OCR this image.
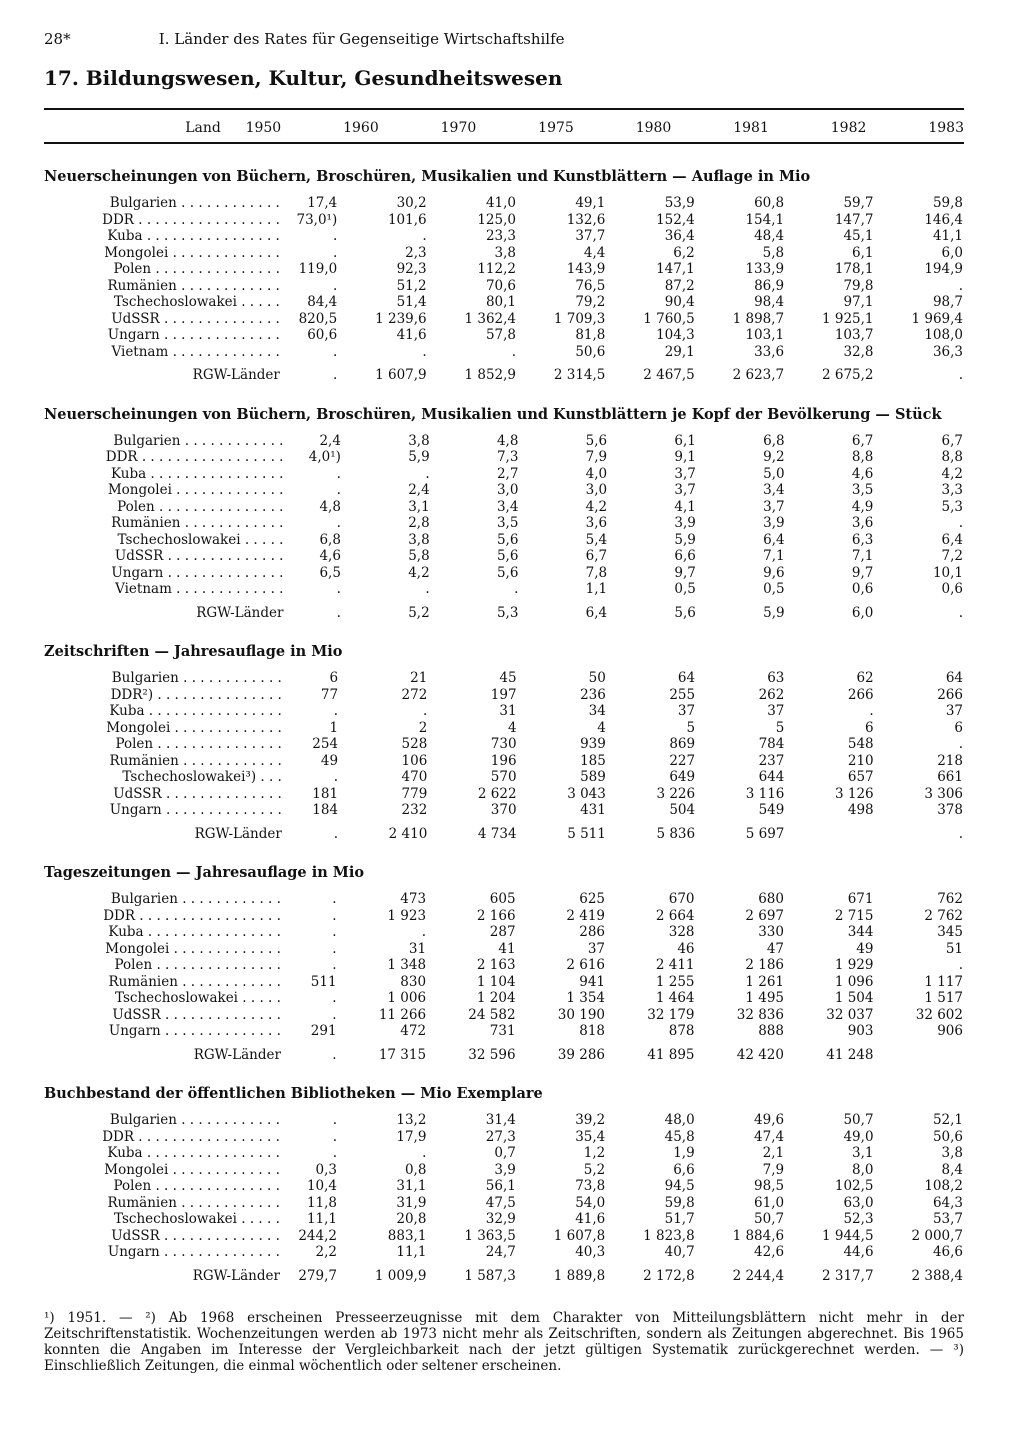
28*	I. Länder des Rates für Gegenseitige Wirtschaftshilfe
17. Bildungswesen, Kultur, Gesundheitswesen
Land	1950	1960	1970	1975	1980	1981	1982	1983
Neuerscheinungen von Büchern, Broschüren, Musikalien und Kunstblättern — Auflage in Mio
Bulgarien . . . . . . . . . . . .	17,4	30,2	41,0	49,1	53,9	60,8	59,7	59,8
DDR . . . . . . . . . . . . . . . . .	73,0¹)	101,6	125,0	132,6	152,4	154,1	147,7	146,4
Kuba . . . . . . . . . . . . . . . .	.	.	23,3	37,7	36,4	48,4	45,1	41,1
Mongolei . . . . . . . . . . . . .	.	2,3	3,8	4,4	6,2	5,8	6,1	6,0
Polen . . . . . . . . . . . . . . .	119,0	92,3	112,2	143,9	147,1	133,9	178,1	194,9
Rumänien . . . . . . . . . . . .	.	51,2	70,6	76,5	87,2	86,9	79,8	.
Tschechoslowakei . . . . .	84,4	51,4	80,1	79,2	90,4	98,4	97,1	98,7
UdSSR . . . . . . . . . . . . . .	820,5	1 239,6	1 362,4	1 709,3	1 760,5	1 898,7	1 925,1	1 969,4
Ungarn . . . . . . . . . . . . . .	60,6	41,6	57,8	81,8	104,3	103,1	103,7	108,0
Vietnam . . . . . . . . . . . . .	.	.	.	50,6	29,1	33,6	32,8	36,3
RGW-Länder	.	1 607,9	1 852,9	2 314,5	2 467,5	2 623,7	2 675,2	.
Neuerscheinungen von Büchern, Broschüren, Musikalien und Kunstblättern je Kopf der Bevölkerung — Stück
Bulgarien . . . . . . . . . . . .	2,4	3,8	4,8	5,6	6,1	6,8	6,7	6,7
DDR . . . . . . . . . . . . . . . . .	4,0¹)	5,9	7,3	7,9	9,1	9,2	8,8	8,8
Kuba . . . . . . . . . . . . . . . .	.	.	2,7	4,0	3,7	5,0	4,6	4,2
Mongolei . . . . . . . . . . . . .	.	2,4	3,0	3,0	3,7	3,4	3,5	3,3
Polen . . . . . . . . . . . . . . .	4,8	3,1	3,4	4,2	4,1	3,7	4,9	5,3
Rumänien . . . . . . . . . . . .	.	2,8	3,5	3,6	3,9	3,9	3,6	.
Tschechoslowakei . . . . .	6,8	3,8	5,6	5,4	5,9	6,4	6,3	6,4
UdSSR . . . . . . . . . . . . . .	4,6	5,8	5,6	6,7	6,6	7,1	7,1	7,2
Ungarn . . . . . . . . . . . . . .	6,5	4,2	5,6	7,8	9,7	9,6	9,7	10,1
Vietnam . . . . . . . . . . . . .	.	.	.	1,1	0,5	0,5	0,6	0,6
RGW-Länder	.	5,2	5,3	6,4	5,6	5,9	6,0	.
Zeitschriften — Jahresauflage in Mio
Bulgarien . . . . . . . . . . . .	6	21	45	50	64	63	62	64
DDR²) . . . . . . . . . . . . . . .	77	272	197	236	255	262	266	266
Kuba . . . . . . . . . . . . . . . .	.	.	31	34	37	37	.	37
Mongolei . . . . . . . . . . . . .	1	2	4	4	5	5	6	6
Polen . . . . . . . . . . . . . . .	254	528	730	939	869	784	548	.
Rumänien . . . . . . . . . . . .	49	106	196	185	227	237	210	218
Tschechoslowakei³) . . .	.	470	570	589	649	644	657	661
UdSSR . . . . . . . . . . . . . .	181	779	2 622	3 043	3 226	3 116	3 126	3 306
Ungarn . . . . . . . . . . . . . .	184	232	370	431	504	549	498	378
RGW-Länder	.	2 410	4 734	5 511	5 836	5 697		.
Tageszeitungen — Jahresauflage in Mio
Bulgarien . . . . . . . . . . . .	.	473	605	625	670	680	671	762
DDR . . . . . . . . . . . . . . . . .	.	1 923	2 166	2 419	2 664	2 697	2 715	2 762
Kuba . . . . . . . . . . . . . . . .	.	.	287	286	328	330	344	345
Mongolei . . . . . . . . . . . . .	.	31	41	37	46	47	49	51
Polen . . . . . . . . . . . . . . .	.	1 348	2 163	2 616	2 411	2 186	1 929	.
Rumänien . . . . . . . . . . . .	511	830	1 104	941	1 255	1 261	1 096	1 117
Tschechoslowakei . . . . .	.	1 006	1 204	1 354	1 464	1 495	1 504	1 517
UdSSR . . . . . . . . . . . . . .	.	11 266	24 582	30 190	32 179	32 836	32 037	32 602
Ungarn . . . . . . . . . . . . . .	291	472	731	818	878	888	903	906
RGW-Länder	.	17 315	32 596	39 286	41 895	42 420	41 248	
Buchbestand der öffentlichen Bibliotheken — Mio Exemplare
Bulgarien . . . . . . . . . . . .	.	13,2	31,4	39,2	48,0	49,6	50,7	52,1
DDR . . . . . . . . . . . . . . . . .	.	17,9	27,3	35,4	45,8	47,4	49,0	50,6
Kuba . . . . . . . . . . . . . . . .	.	.	0,7	1,2	1,9	2,1	3,1	3,8
Mongolei . . . . . . . . . . . . .	0,3	0,8	3,9	5,2	6,6	7,9	8,0	8,4
Polen . . . . . . . . . . . . . . .	10,4	31,1	56,1	73,8	94,5	98,5	102,5	108,2
Rumänien . . . . . . . . . . . .	11,8	31,9	47,5	54,0	59,8	61,0	63,0	64,3
Tschechoslowakei . . . . .	11,1	20,8	32,9	41,6	51,7	50,7	52,3	53,7
UdSSR . . . . . . . . . . . . . .	244,2	883,1	1 363,5	1 607,8	1 823,8	1 884,6	1 944,5	2 000,7
Ungarn . . . . . . . . . . . . . .	2,2	11,1	24,7	40,3	40,7	42,6	44,6	46,6
RGW-Länder	279,7	1 009,9	1 587,3	1 889,8	2 172,8	2 244,4	2 317,7	2 388,4
¹) 1951. — ²) Ab 1968 erscheinen Presseerzeugnisse mit dem Charakter von Mitteilungsblättern nicht mehr in der Zeitschriftenstatistik. Wochenzeitungen werden ab 1973 nicht mehr als Zeitschriften, sondern als Zeitungen abgerechnet. Bis 1965 konnten die Angaben im Interesse der Vergleichbarkeit nach der jetzt gültigen Systematik zurückgerechnet werden. — ³) Einschließlich Zeitungen, die einmal wöchentlich oder seltener erscheinen.
